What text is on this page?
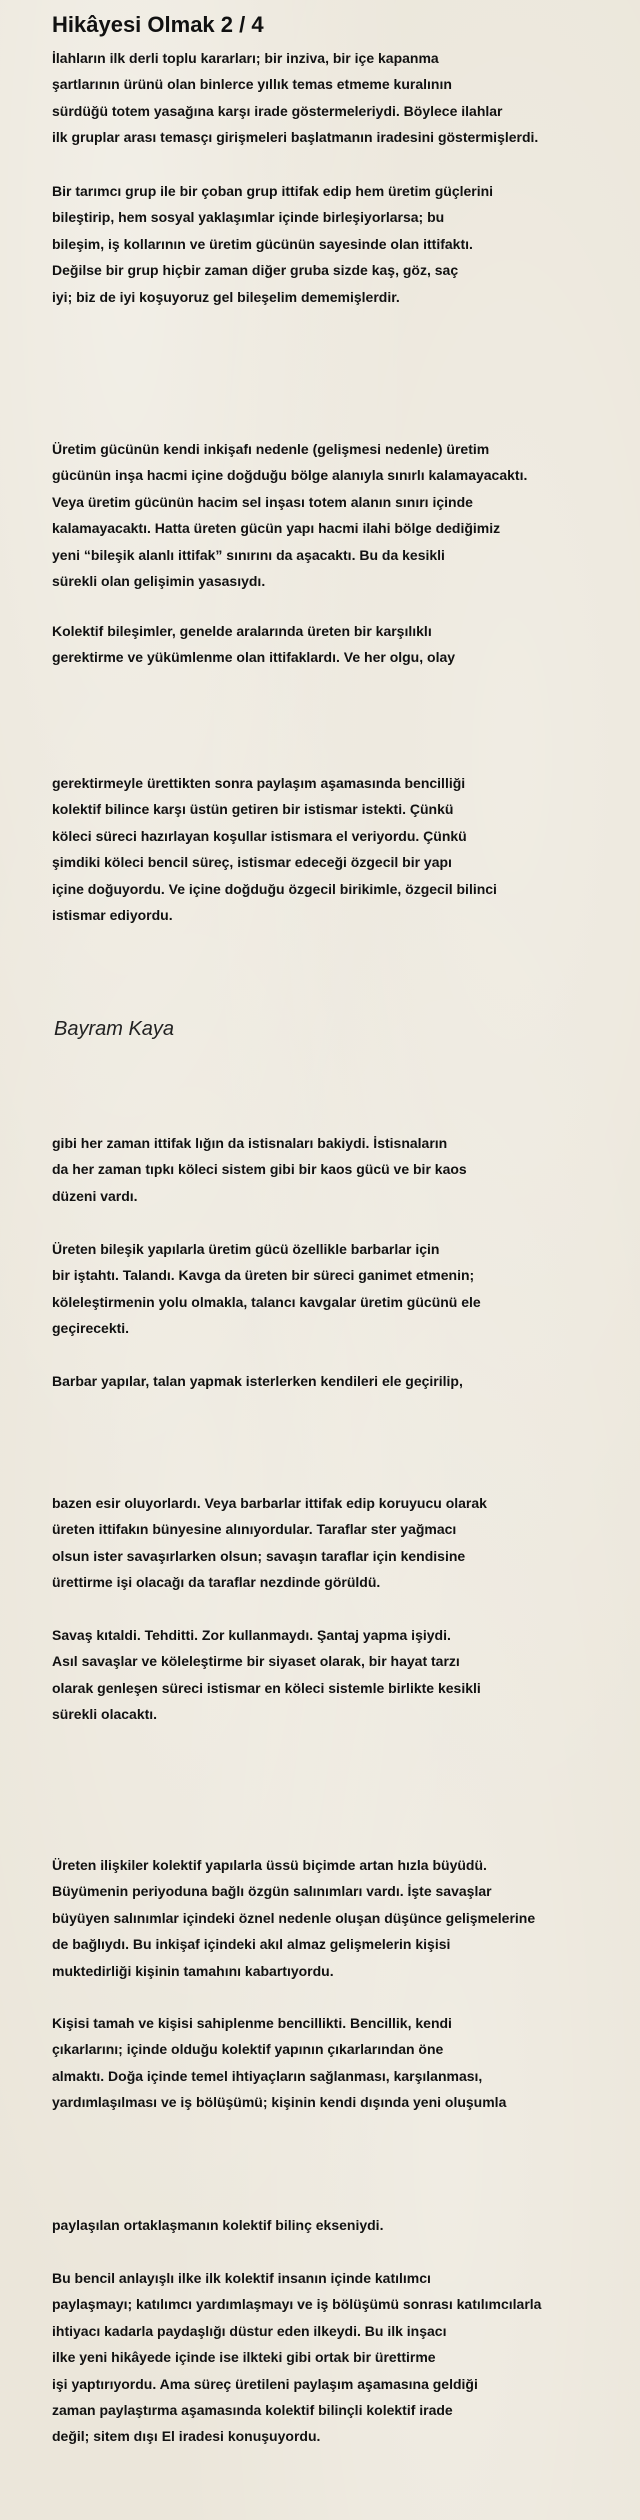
Hikâyesi Olmak 2 / 4
İlahların ilk derli toplu kararları; bir inziva, bir içe kapanma
şartlarının ürünü olan binlerce yıllık temas etmeme kuralının
sürdüğü totem yasağına karşı irade göstermeleriydi. Böylece ilahlar
ilk gruplar arası temasçı girişmeleri başlatmanın iradesini göstermişlerdi.
Bir tarımcı grup ile bir çoban grup ittifak edip hem üretim güçlerini
bileştirip, hem sosyal yaklaşımlar içinde birleşiyorlarsa; bu
bileşim, iş kollarının ve üretim gücünün sayesinde olan ittifaktı.
Değilse bir grup hiçbir zaman diğer gruba sizde kaş, göz, saç
iyi; biz de iyi koşuyoruz gel bileşelim dememişlerdir.
Üretim gücünün kendi inkişafı nedenle (gelişmesi nedenle) üretim
gücünün inşa hacmi içine doğduğu bölge alanıyla sınırlı kalamayacaktı.
Veya üretim gücünün hacim sel inşası totem alanın sınırı içinde
kalamayacaktı. Hatta üreten gücün yapı hacmi ilahi bölge dediğimiz
yeni “bileşik alanlı ittifak” sınırını da aşacaktı. Bu da kesikli
sürekli olan gelişimin yasasıydı.
Kolektif bileşimler, genelde aralarında üreten bir karşılıklı
gerektirme ve yükümlenme olan ittifaklardı. Ve her olgu, olay
gerektirmeyle ürettikten sonra paylaşım aşamasında bencilliği
kolektif bilince karşı üstün getiren bir istismar istekti. Çünkü
köleci süreci hazırlayan koşullar istismara el veriyordu. Çünkü
şimdiki köleci bencil süreç, istismar edeceği özgecil bir yapı
içine doğuyordu. Ve içine doğduğu özgecil birikimle, özgecil bilinci
istismar ediyordu.
Bayram Kaya
gibi her zaman ittifak lığın da istisnaları bakiydi. İstisnaların
da her zaman tıpkı köleci sistem gibi bir kaos gücü ve bir kaos
düzeni vardı.
Üreten bileşik yapılarla üretim gücü özellikle barbarlar için
bir iştahtı. Talandı. Kavga da üreten bir süreci ganimet etmenin;
köleleştirmenin yolu olmakla, talancı kavgalar üretim gücünü ele
geçirecekti.
Barbar yapılar, talan yapmak isterlerken kendileri ele geçirilip,
bazen esir oluyorlardı. Veya barbarlar ittifak edip koruyucu olarak
üreten ittifakın bünyesine alınıyordular. Taraflar ster yağmacı
olsun ister savaşırlarken olsun; savaşın taraflar için kendisine
ürettirme işi olacağı da taraflar nezdinde görüldü.
Savaş kıtaldi. Tehditti. Zor kullanmaydı. Şantaj yapma işiydi.
Asıl savaşlar ve köleleştirme bir siyaset olarak, bir hayat tarzı
olarak genleşen süreci istismar en köleci sistemle birlikte kesikli
sürekli olacaktı.
Üreten ilişkiler kolektif yapılarla üssü biçimde artan hızla büyüdü.
Büyümenin periyoduna bağlı özgün salınımları vardı. İşte savaşlar
büyüyen salınımlar içindeki öznel nedenle oluşan düşünce gelişmelerine
de bağlıydı. Bu inkişaf içindeki akıl almaz gelişmelerin kişisi
muktedirliği kişinin tamahını kabartıyordu.
Kişisi tamah ve kişisi sahiplenme bencillikti. Bencillik, kendi
çıkarlarını; içinde olduğu kolektif yapının çıkarlarından öne
almaktı. Doğa içinde temel ihtiyaçların sağlanması, karşılanması,
yardımlaşılması ve iş bölüşümü; kişinin kendi dışında yeni oluşumla
paylaşılan ortaklaşmanın kolektif bilinç ekseniydi.
Bu bencil anlayışlı ilke ilk kolektif insanın içinde katılımcı
paylaşmayı; katılımcı yardımlaşmayı ve iş bölüşümü sonrası katılımcılarla
ihtiyacı kadarla paydaşlığı düstur eden ilkeydi. Bu ilk inşacı
ilke yeni hikâyede içinde ise ilkteki gibi ortak bir ürettirme
işi yaptırıyordu. Ama süreç üretileni paylaşım aşamasına geldiği
zaman paylaştırma aşamasında kolektif bilinçli kolektif irade
değil; sitem dışı El iradesi konuşuyordu.
